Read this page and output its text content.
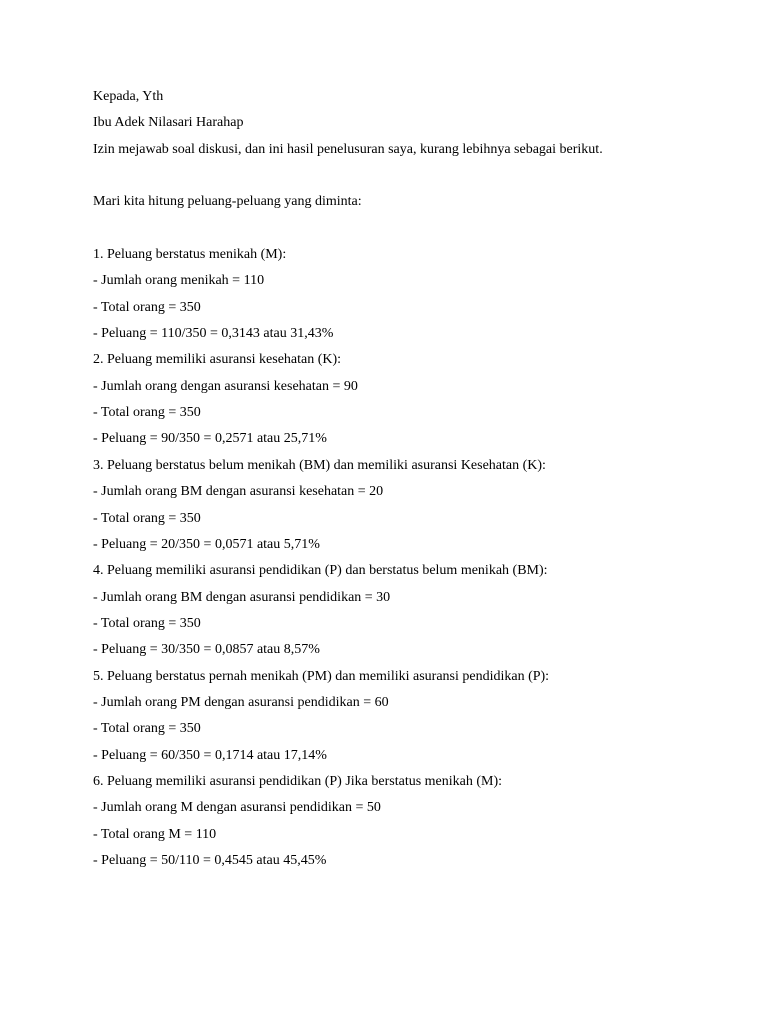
Kepada, Yth
Ibu Adek Nilasari Harahap
Izin mejawab soal diskusi, dan ini hasil penelusuran saya, kurang lebihnya sebagai berikut.
Mari kita hitung peluang-peluang yang diminta:
1. Peluang berstatus menikah (M):
- Jumlah orang menikah = 110
- Total orang = 350
- Peluang = 110/350 = 0,3143 atau 31,43%
2. Peluang memiliki asuransi kesehatan (K):
- Jumlah orang dengan asuransi kesehatan = 90
- Total orang = 350
- Peluang = 90/350 = 0,2571 atau 25,71%
3. Peluang berstatus belum menikah (BM) dan memiliki asuransi Kesehatan (K):
- Jumlah orang BM dengan asuransi kesehatan = 20
- Total orang = 350
- Peluang = 20/350 = 0,0571 atau 5,71%
4. Peluang memiliki asuransi pendidikan (P) dan berstatus belum menikah (BM):
- Jumlah orang BM dengan asuransi pendidikan = 30
- Total orang = 350
- Peluang = 30/350 = 0,0857 atau 8,57%
5. Peluang berstatus pernah menikah (PM) dan memiliki asuransi pendidikan (P):
- Jumlah orang PM dengan asuransi pendidikan = 60
- Total orang = 350
- Peluang = 60/350 = 0,1714 atau 17,14%
6. Peluang memiliki asuransi pendidikan (P) Jika berstatus menikah (M):
- Jumlah orang M dengan asuransi pendidikan = 50
- Total orang M = 110
- Peluang = 50/110 = 0,4545 atau 45,45%
